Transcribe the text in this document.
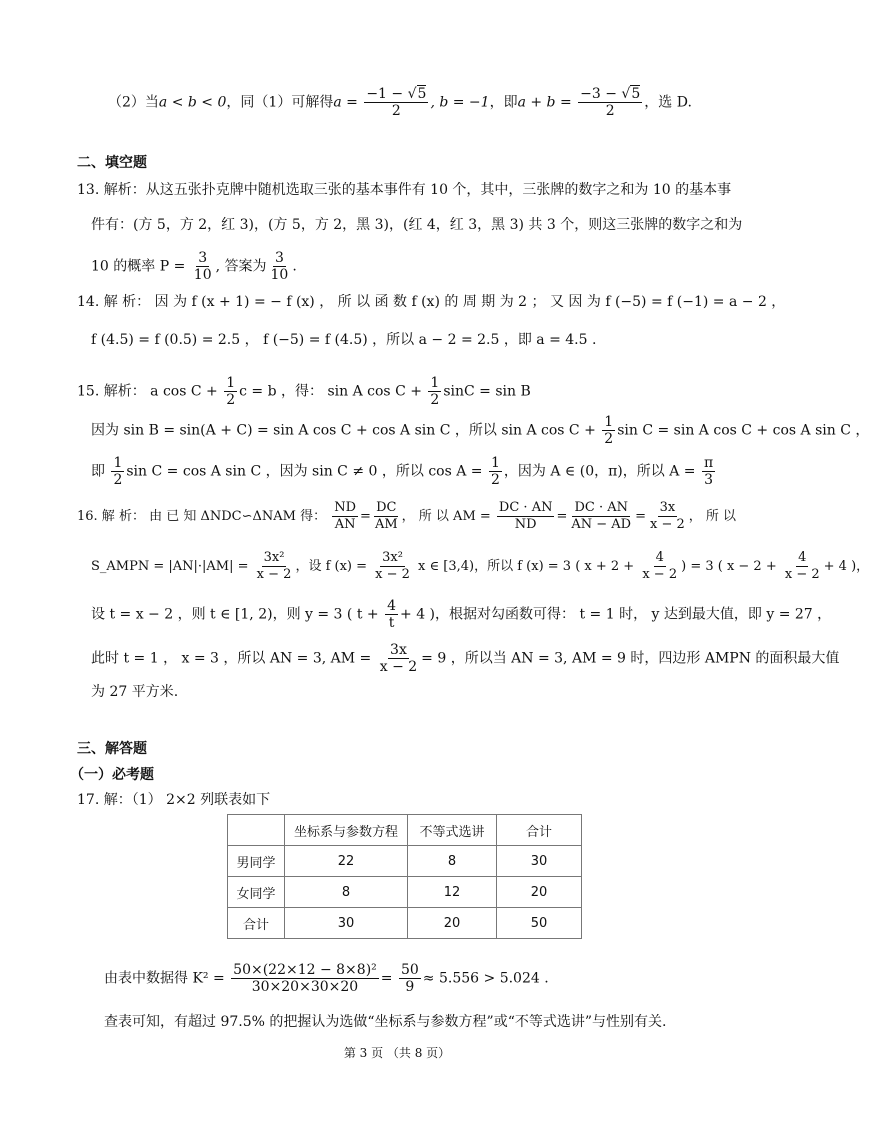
（2）当a < b < 0，同（1）可解得$a = \frac{-1 - √5}{2}$ , b = −1，即$a + b = \frac{-3 - √5}{2}$ ，选 D.
二、填空题
13. 解析：从这五张扑克牌中随机选取三张的基本事件有 10 个，其中，三张牌的数字之和为 10 的基本事
件有：(方 5，方 2，红 3)，(方 5，方 2，黑 3)，(红 4，红 3，黑 3) 共 3 个，则这三张牌的数字之和为
10 的概率 $P = \frac{3}{10}$ , 答案为 $\frac{3}{10}$ .
14. 解 析： 因 为 f (x + 1) = − f (x) ， 所 以 函 数 f (x) 的 周 期 为 2 ； 又 因 为 f (−5) = f (−1) = a − 2 ，
f (4.5) = f (0.5) = 2.5 ， f (−5) = f (4.5) ，所以 a − 2 = 2.5 ，即 a = 4.5 .
15. 解析： a $\cos C + \frac{1}{2}$ c = b ，得： sin A $\cos C + \frac{1}{2}$ sinC = sin B
因为 sin B = sin(A + C) = sin A cos C + cos A sin C ，所以 sin A $\cos C + \frac{1}{2}$ sin C = sin A cos C + cos A sin C ，
即 $\frac{1}{2}$ sin C = cos A sin C ，因为 sin C ≠ 0 ，所以 $\cos A = \frac{1}{2}$ ，因为 A ∈ (0，π)，所以 $A = \frac{\pi}{3}$
16. 解 析： 由 已 知 ΔNDC∽ΔNAM 得： $\frac{ND}{AN} = \frac{DC}{AM}$ ， 所 以 AM = $\frac{DC \cdot AN}{ND} = \frac{DC \cdot AN}{AN - AD} = \frac{3x}{x - 2}$ ， 所 以
S_AMPN = $|AN|\cdot|AM| = \frac{\text{3x²}}{x - 2}$ ，设 f $(x) = \frac{\text{3x²}}{x - 2}$ x ∈ [3,4)，所以 f (x) = 3 ( $x + 2 + \frac{4}{x - 2}$ ) = 3 ( $x - 2 + \frac{4}{x - 2} + 4$ )，
设 t = x − 2 ，则 t ∈ [1, 2)，则 y = 3 ( $t + \frac{4}{t} + 4$ )，根据对勾函数可得： t = 1 时， y 达到最大值，即 y = 27 ，
此时 t = 1 ， x = 3 ，所以 AN = 3, AM = $\frac{3x}{x - 2} = 9$ ，所以当 AN = 3, AM = 9 时，四边形 AMPN 的面积最大值
为 27 平方米.
三、解答题
（一）必考题
17. 解：（1） 2×2 列联表如下
	坐标系与参数方程	不等式选讲	合计
男同学	22	8	30
女同学	8	12	20
合计	30	20	50
由表中数据得 $K^2 = \frac{\text{50×(22×12 − 8×8)²}}{30\times 20\times 30\times 20} = \frac{50}{9} \approx 5.556 > 5.024$ .
查表可知，有超过 97.5% 的把握认为选做“坐标系与参数方程”或“不等式选讲”与性别有关.
第 3 页 （共 8 页）
